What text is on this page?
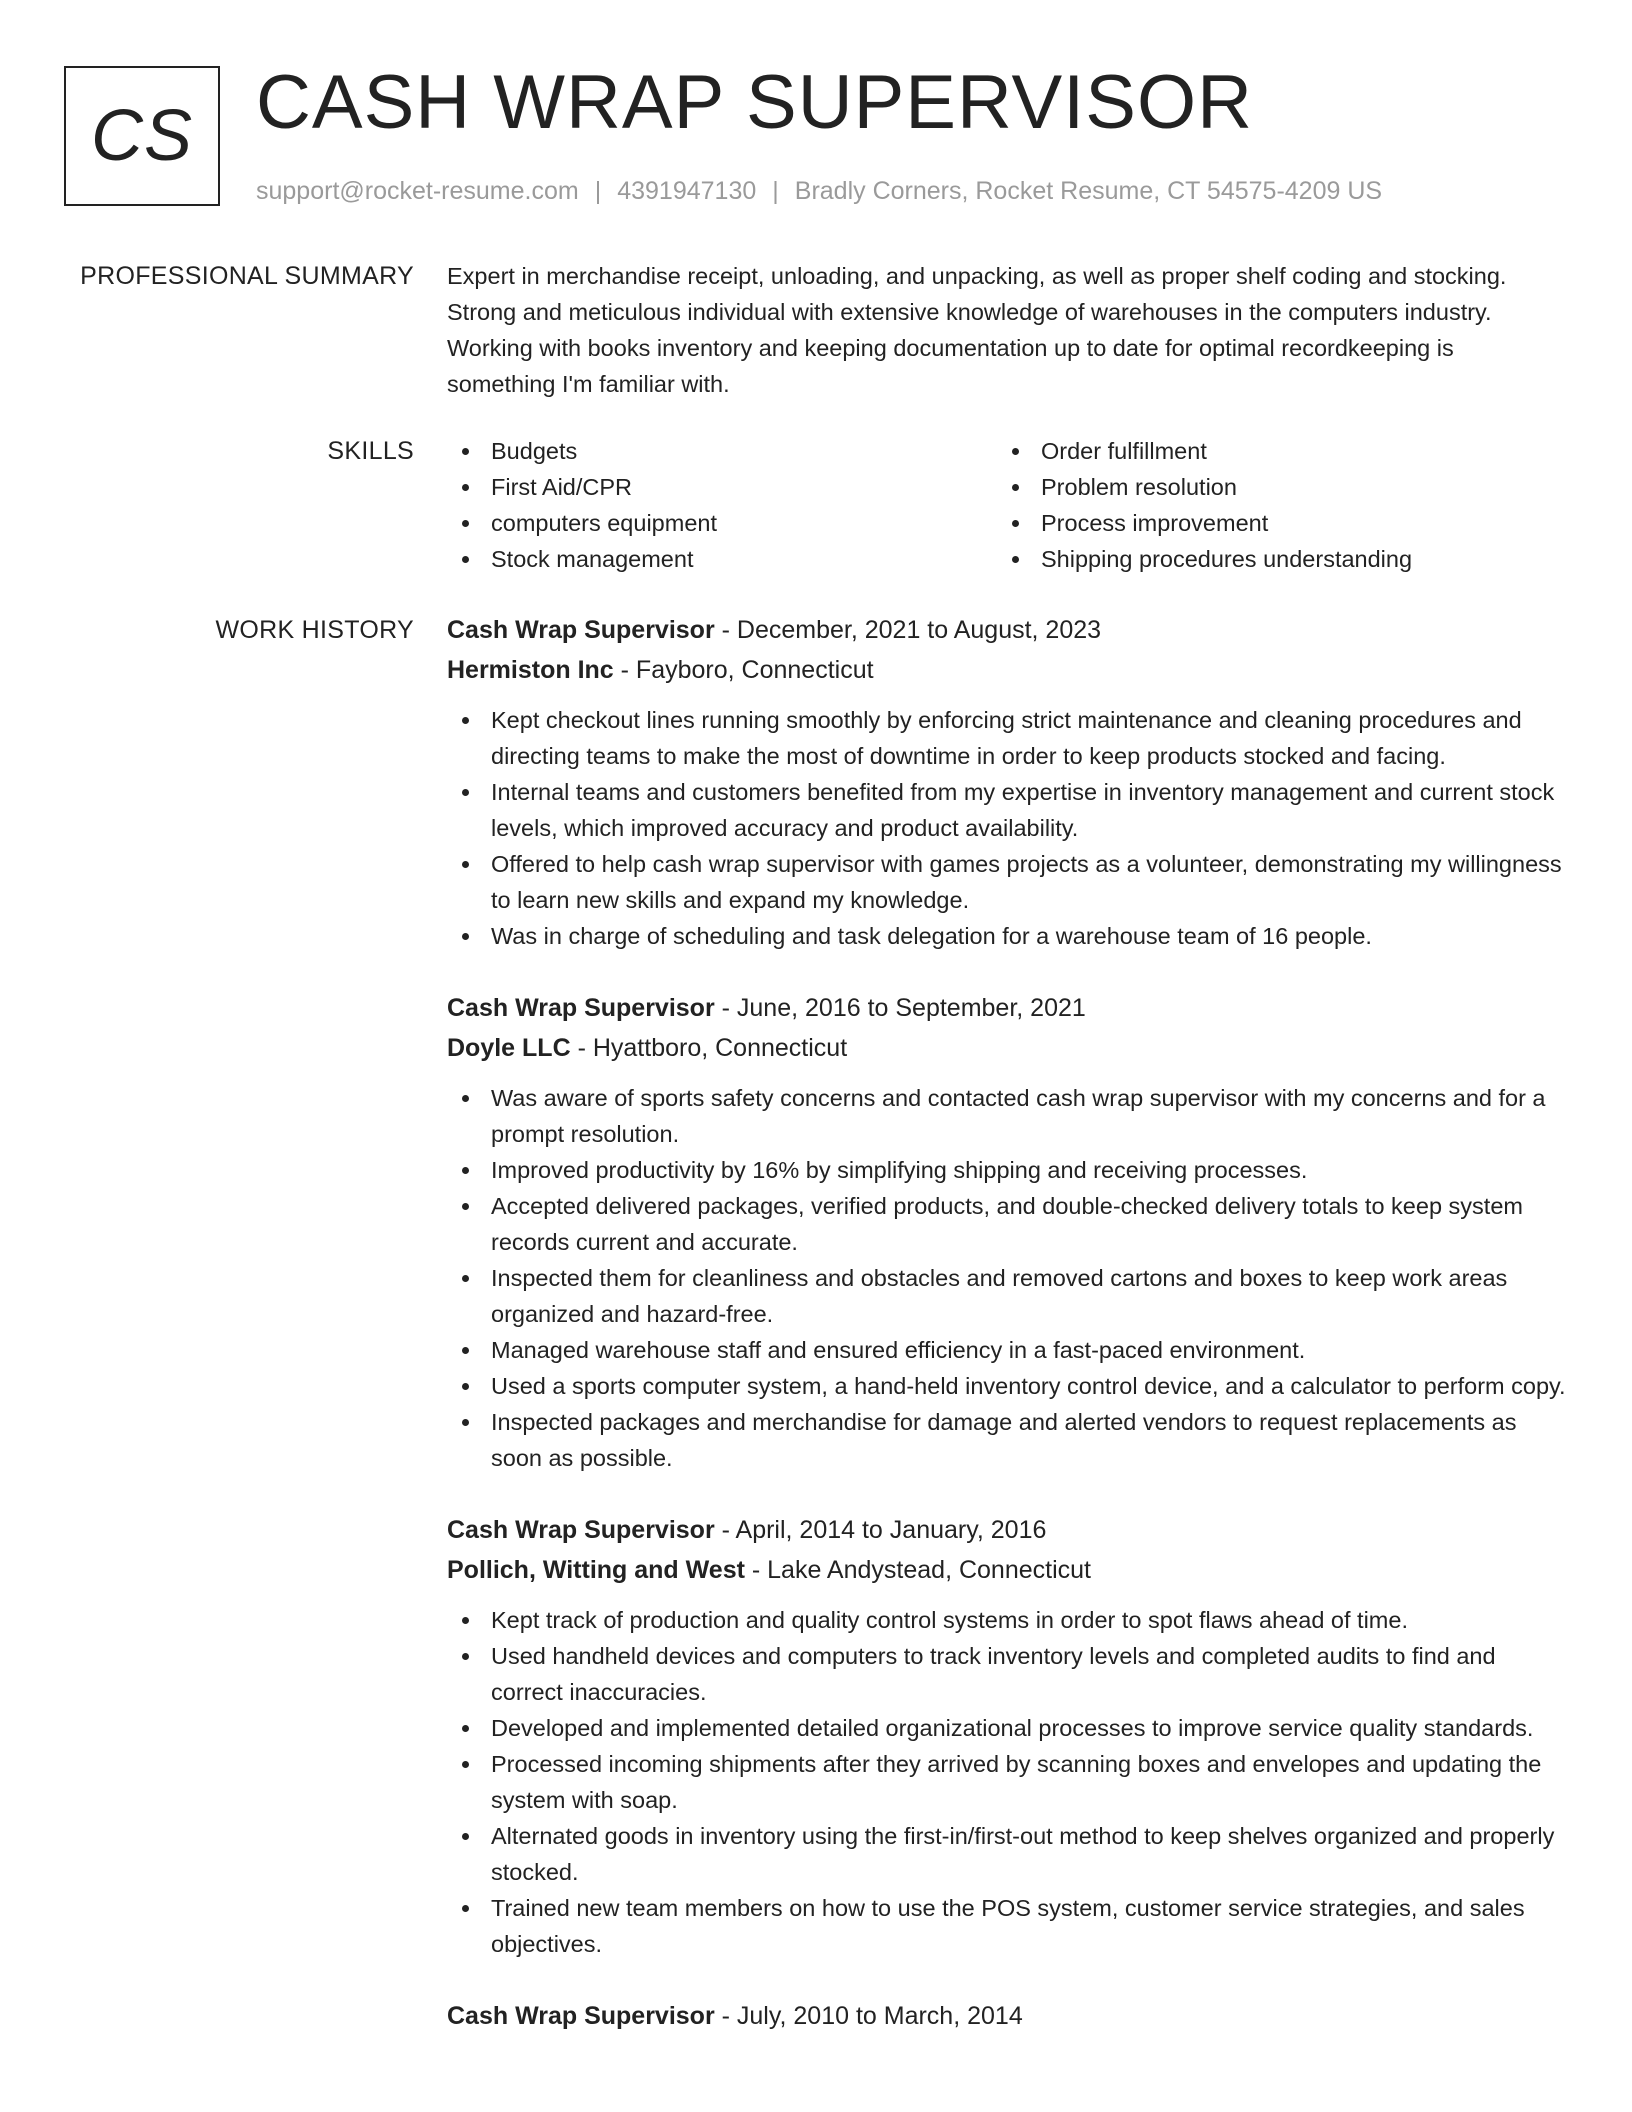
CS CASH WRAP SUPERVISOR
support@rocket-resume.com | 4391947130 | Bradly Corners, Rocket Resume, CT 54575-4209 US
PROFESSIONAL SUMMARY Expert in merchandise receipt, unloading, and unpacking, as well as proper shelf coding and stocking. Strong and meticulous individual with extensive knowledge of warehouses in the computers industry. Working with books inventory and keeping documentation up to date for optimal recordkeeping is something I'm familiar with.

SKILLS	Budgets
First Aid/CPR
computers equipment
Stock management
Order fulfillment
Problem resolution
Process improvement
Shipping procedures understanding
WORK HISTORY Cash Wrap Supervisor - December, 2021 to August, 2023
Hermiston Inc - Fayboro, Connecticut
Kept checkout lines running smoothly by enforcing strict maintenance and cleaning procedures and directing teams to make the most of downtime in order to keep products stocked and facing.
Internal teams and customers benefited from my expertise in inventory management and current stock levels, which improved accuracy and product availability.
Offered to help cash wrap supervisor with games projects as a volunteer, demonstrating my willingness to learn new skills and expand my knowledge.
Was in charge of scheduling and task delegation for a warehouse team of 16 people.
Cash Wrap Supervisor - June, 2016 to September, 2021
Doyle LLC - Hyattboro, Connecticut
Was aware of sports safety concerns and contacted cash wrap supervisor with my concerns and for a prompt resolution.
Improved productivity by 16% by simplifying shipping and receiving processes.
Accepted delivered packages, verified products, and double-checked delivery totals to keep system records current and accurate.
Inspected them for cleanliness and obstacles and removed cartons and boxes to keep work areas organized and hazard-free.
Managed warehouse staff and ensured efficiency in a fast-paced environment.
Used a sports computer system, a hand-held inventory control device, and a calculator to perform copy.
Inspected packages and merchandise for damage and alerted vendors to request replacements as soon as possible.
Cash Wrap Supervisor - April, 2014 to January, 2016
Pollich, Witting and West - Lake Andystead, Connecticut
Kept track of production and quality control systems in order to spot flaws ahead of time.
Used handheld devices and computers to track inventory levels and completed audits to find and correct inaccuracies.
Developed and implemented detailed organizational processes to improve service quality standards.
Processed incoming shipments after they arrived by scanning boxes and envelopes and updating the system with soap.
Alternated goods in inventory using the first-in/first-out method to keep shelves organized and properly stocked.
Trained new team members on how to use the POS system, customer service strategies, and sales objectives.
Cash Wrap Supervisor - July, 2010 to March, 2014
